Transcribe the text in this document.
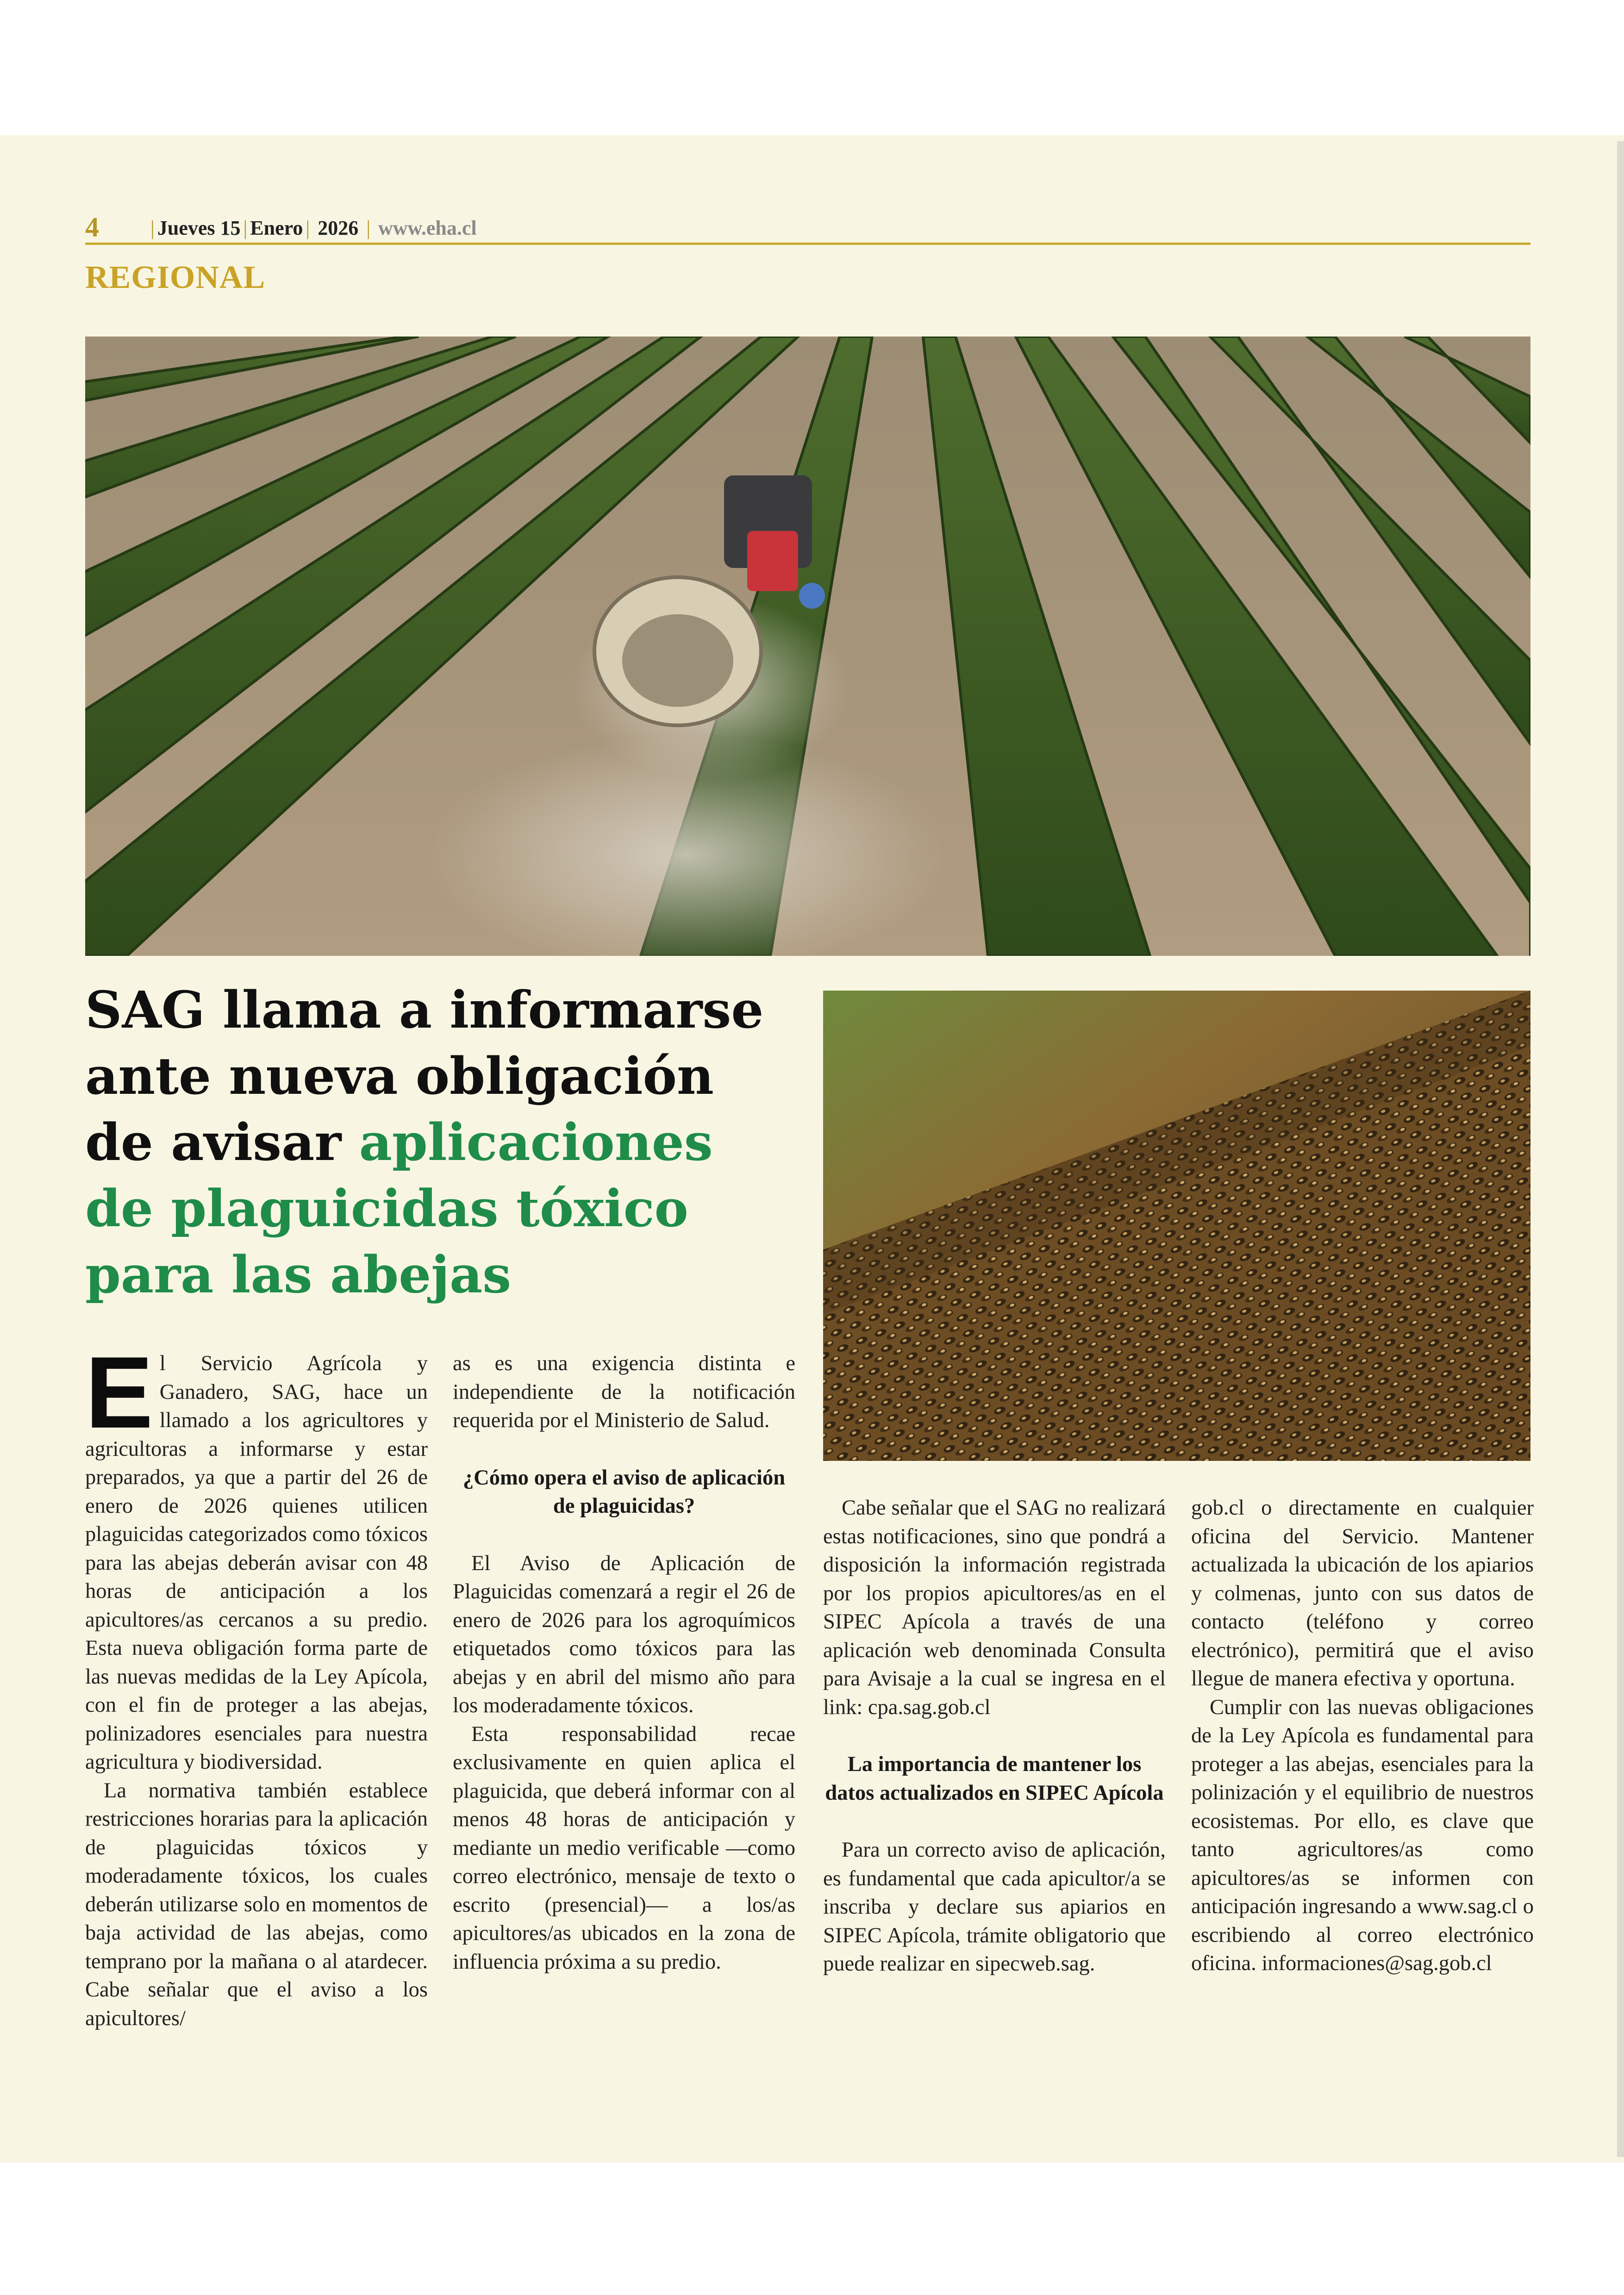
4	| Jueves 15 | Enero | 2026 | www.eha.cl
REGIONAL
SAG llama a informarse ante nueva obligación de avisar aplicaciones de plaguicidas tóxico para las abejas

El Servicio Agrícola y Ganadero, SAG, hace un llamado a los agricultores y agricultoras a informarse y estar preparados, ya que a partir del 26 de enero de 2026 quienes utilicen plaguicidas categorizados como tóxicos para las abejas deberán avisar con 48 horas de anticipación a los apicultores/as cercanos a su predio. Esta nueva obligación forma parte de las nuevas medidas de la Ley Apícola, con el fin de proteger a las abejas, polinizadores esenciales para nuestra agricultura y biodiversidad.

La normativa también establece restricciones horarias para la aplicación de plaguicidas tóxicos y moderadamente tóxicos, los cuales deberán utilizarse solo en momentos de baja actividad de las abejas, como temprano por la mañana o al atardecer. Cabe señalar que el aviso a los apicultores/

as es una exigencia distinta e independiente de la notificación requerida por el Ministerio de Salud.

¿Cómo opera el aviso de aplicación de plaguicidas?

El Aviso de Aplicación de Plaguicidas comenzará a regir el 26 de enero de 2026 para los agroquímicos etiquetados como tóxicos para las abejas y en abril del mismo año para los moderadamente tóxicos.

Esta responsabilidad recae exclusivamente en quien aplica el plaguicida, que deberá informar con al menos 48 horas de anticipación y mediante un medio verificable —como correo electrónico, mensaje de texto o escrito (presencial)— a los/as apicultores/as ubicados en la zona de influencia próxima a su predio.

Cabe señalar que el SAG no realizará estas notificaciones, sino que pondrá a disposición la información registrada por los propios apicultores/as en el SIPEC Apícola a través de una aplicación web denominada Consulta para Avisaje a la cual se ingresa en el link: cpa.sag.gob.cl

La importancia de mantener los datos actualizados en SIPEC Apícola

Para un correcto aviso de aplicación, es fundamental que cada apicultor/a se inscriba y declare sus apiarios en SIPEC Apícola, trámite obligatorio que puede realizar en sipecweb.sag.

gob.cl o directamente en cualquier oficina del Servicio. Mantener actualizada la ubicación de los apiarios y colmenas, junto con sus datos de contacto (teléfono y correo electrónico), permitirá que el aviso llegue de manera efectiva y oportuna.

Cumplir con las nuevas obligaciones de la Ley Apícola es fundamental para proteger a las abejas, esenciales para la polinización y el equilibrio de nuestros ecosistemas. Por ello, es clave que tanto agricultores/as como apicultores/as se informen con anticipación ingresando a www.sag.cl o escribiendo al correo electrónico oficina. informaciones@sag.gob.cl
